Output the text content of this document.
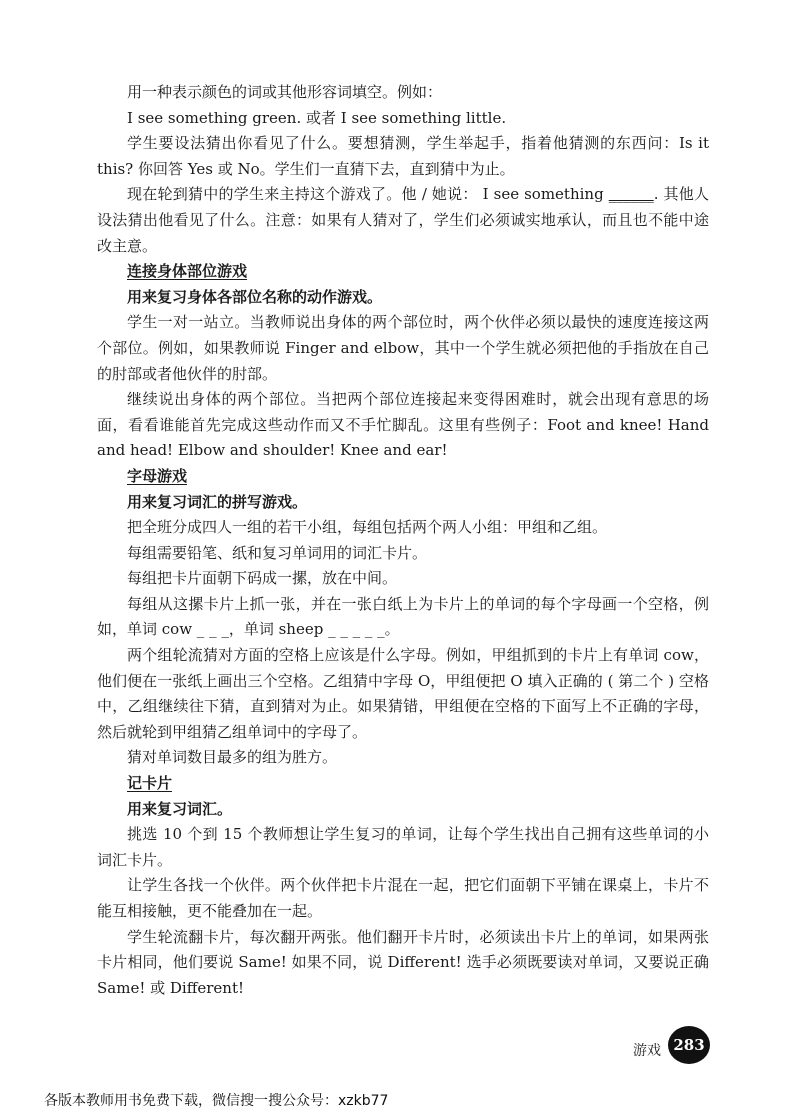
用一种表示颜色的词或其他形容词填空。例如：

I see something green. 或者 I see something little.

学生要设法猜出你看见了什么。要想猜测，学生举起手，指着他猜测的东西问：Is it this? 你回答 Yes 或 No。学生们一直猜下去，直到猜中为止。

现在轮到猜中的学生来主持这个游戏了。他 / 她说： I see something ______. 其他人设法猜出他看见了什么。注意：如果有人猜对了，学生们必须诚实地承认，而且也不能中途改主意。

连接身体部位游戏

用来复习身体各部位名称的动作游戏。

学生一对一站立。当教师说出身体的两个部位时，两个伙伴必须以最快的速度连接这两个部位。例如，如果教师说 Finger and elbow，其中一个学生就必须把他的手指放在自己的肘部或者他伙伴的肘部。

继续说出身体的两个部位。当把两个部位连接起来变得困难时，就会出现有意思的场面，看看谁能首先完成这些动作而又不手忙脚乱。这里有些例子：Foot and knee! Hand and head! Elbow and shoulder! Knee and ear!

字母游戏

用来复习词汇的拼写游戏。

把全班分成四人一组的若干小组，每组包括两个两人小组：甲组和乙组。

每组需要铅笔、纸和复习单词用的词汇卡片。

每组把卡片面朝下码成一摞，放在中间。

每组从这摞卡片上抓一张，并在一张白纸上为卡片上的单词的每个字母画一个空格，例如，单词 cow _ _ _，单词 sheep _ _ _ _ _。

两个组轮流猜对方面的空格上应该是什么字母。例如，甲组抓到的卡片上有单词 cow，他们便在一张纸上画出三个空格。乙组猜中字母 O，甲组便把 O 填入正确的 ( 第二个 ) 空格中，乙组继续往下猜，直到猜对为止。如果猜错，甲组便在空格的下面写上不正确的字母，然后就轮到甲组猜乙组单词中的字母了。

猜对单词数目最多的组为胜方。

记卡片

用来复习词汇。

挑选 10 个到 15 个教师想让学生复习的单词，让每个学生找出自己拥有这些单词的小词汇卡片。

让学生各找一个伙伴。两个伙伴把卡片混在一起，把它们面朝下平铺在课桌上，卡片不能互相接触，更不能叠加在一起。

学生轮流翻卡片，每次翻开两张。他们翻开卡片时，必须读出卡片上的单词，如果两张卡片相同，他们要说 Same! 如果不同，说 Different! 选手必须既要读对单词，又要说正确 Same! 或 Different!

游戏 283
各版本教师用书免费下载，微信搜一搜公众号：xzkb77
